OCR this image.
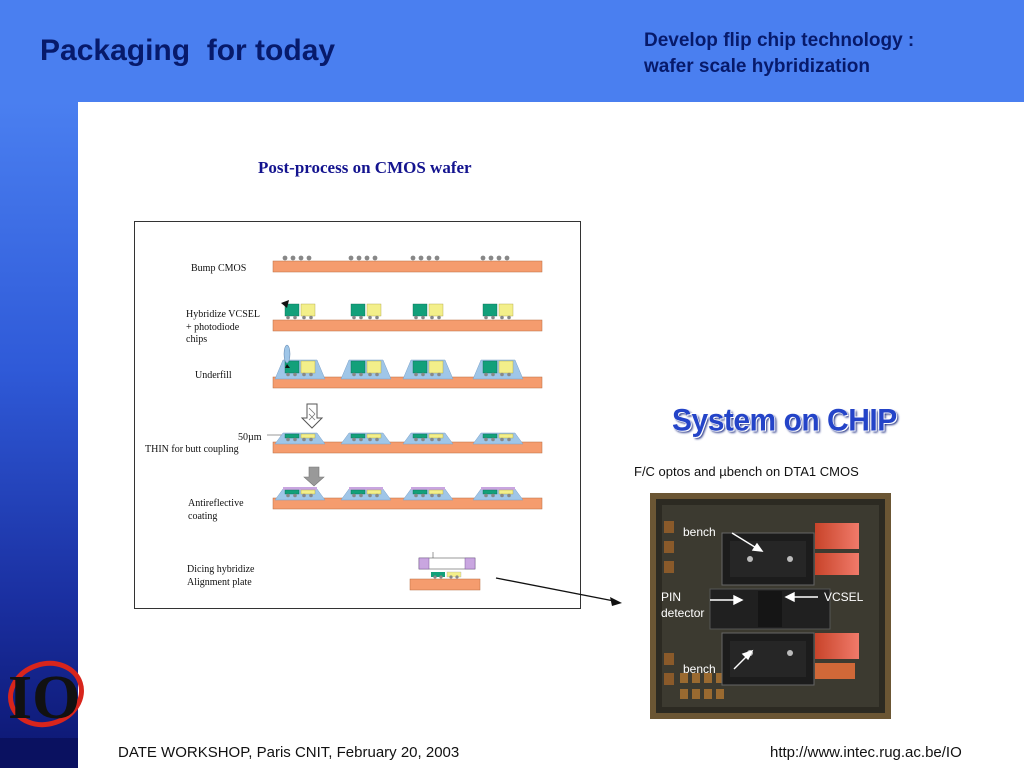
Packaging  for today	Develop flip chip technology :
wafer scale hybridization
Post-process on CMOS wafer
Bump CMOS
Hybridize VCSEL
+ photodiode
chips
Underfill
50µm
THIN for butt coupling
Antireflective
coating
Dicing hybridize
Alignment plate
System on CHIP
F/C optos and µbench on DTA1 CMOS
bench
PIN
detector
VCSEL
bench
IO
DATE WORKSHOP, Paris CNIT, February 20, 2003	http://www.intec.rug.ac.be/IO
